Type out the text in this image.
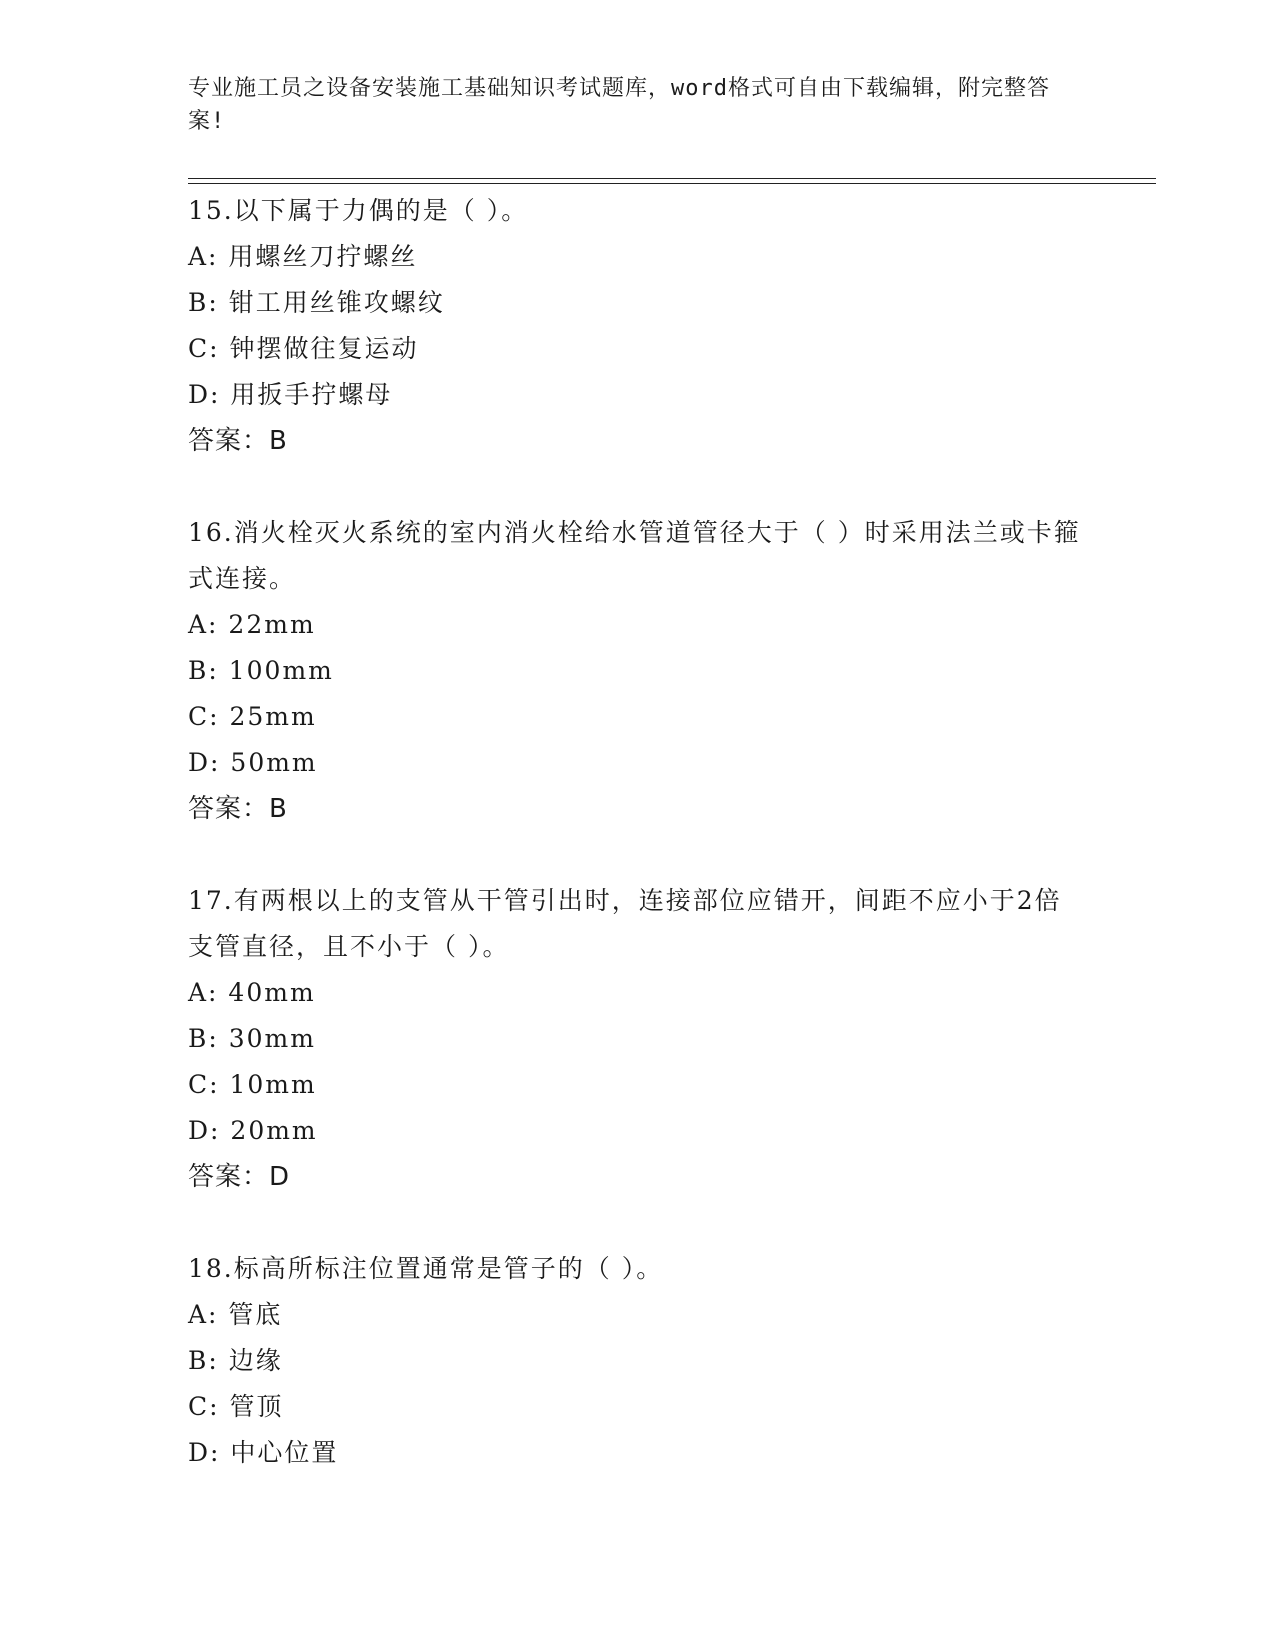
专业施工员之设备安装施工基础知识考试题库，word格式可自由下载编辑，附完整答案!
15.以下属于力偶的是（ ）。
A: 用螺丝刀拧螺丝
B: 钳工用丝锥攻螺纹
C: 钟摆做往复运动
D: 用扳手拧螺母
答案：B
16.消火栓灭火系统的室内消火栓给水管道管径大于（ ）时采用法兰或卡箍式连接。
A: 22mm
B: 100mm
C: 25mm
D: 50mm
答案：B
17.有两根以上的支管从干管引出时，连接部位应错开，间距不应小于2倍支管直径，且不小于（ ）。
A: 40mm
B: 30mm
C: 10mm
D: 20mm
答案：D
18.标高所标注位置通常是管子的（ ）。
A: 管底
B: 边缘
C: 管顶
D: 中心位置
